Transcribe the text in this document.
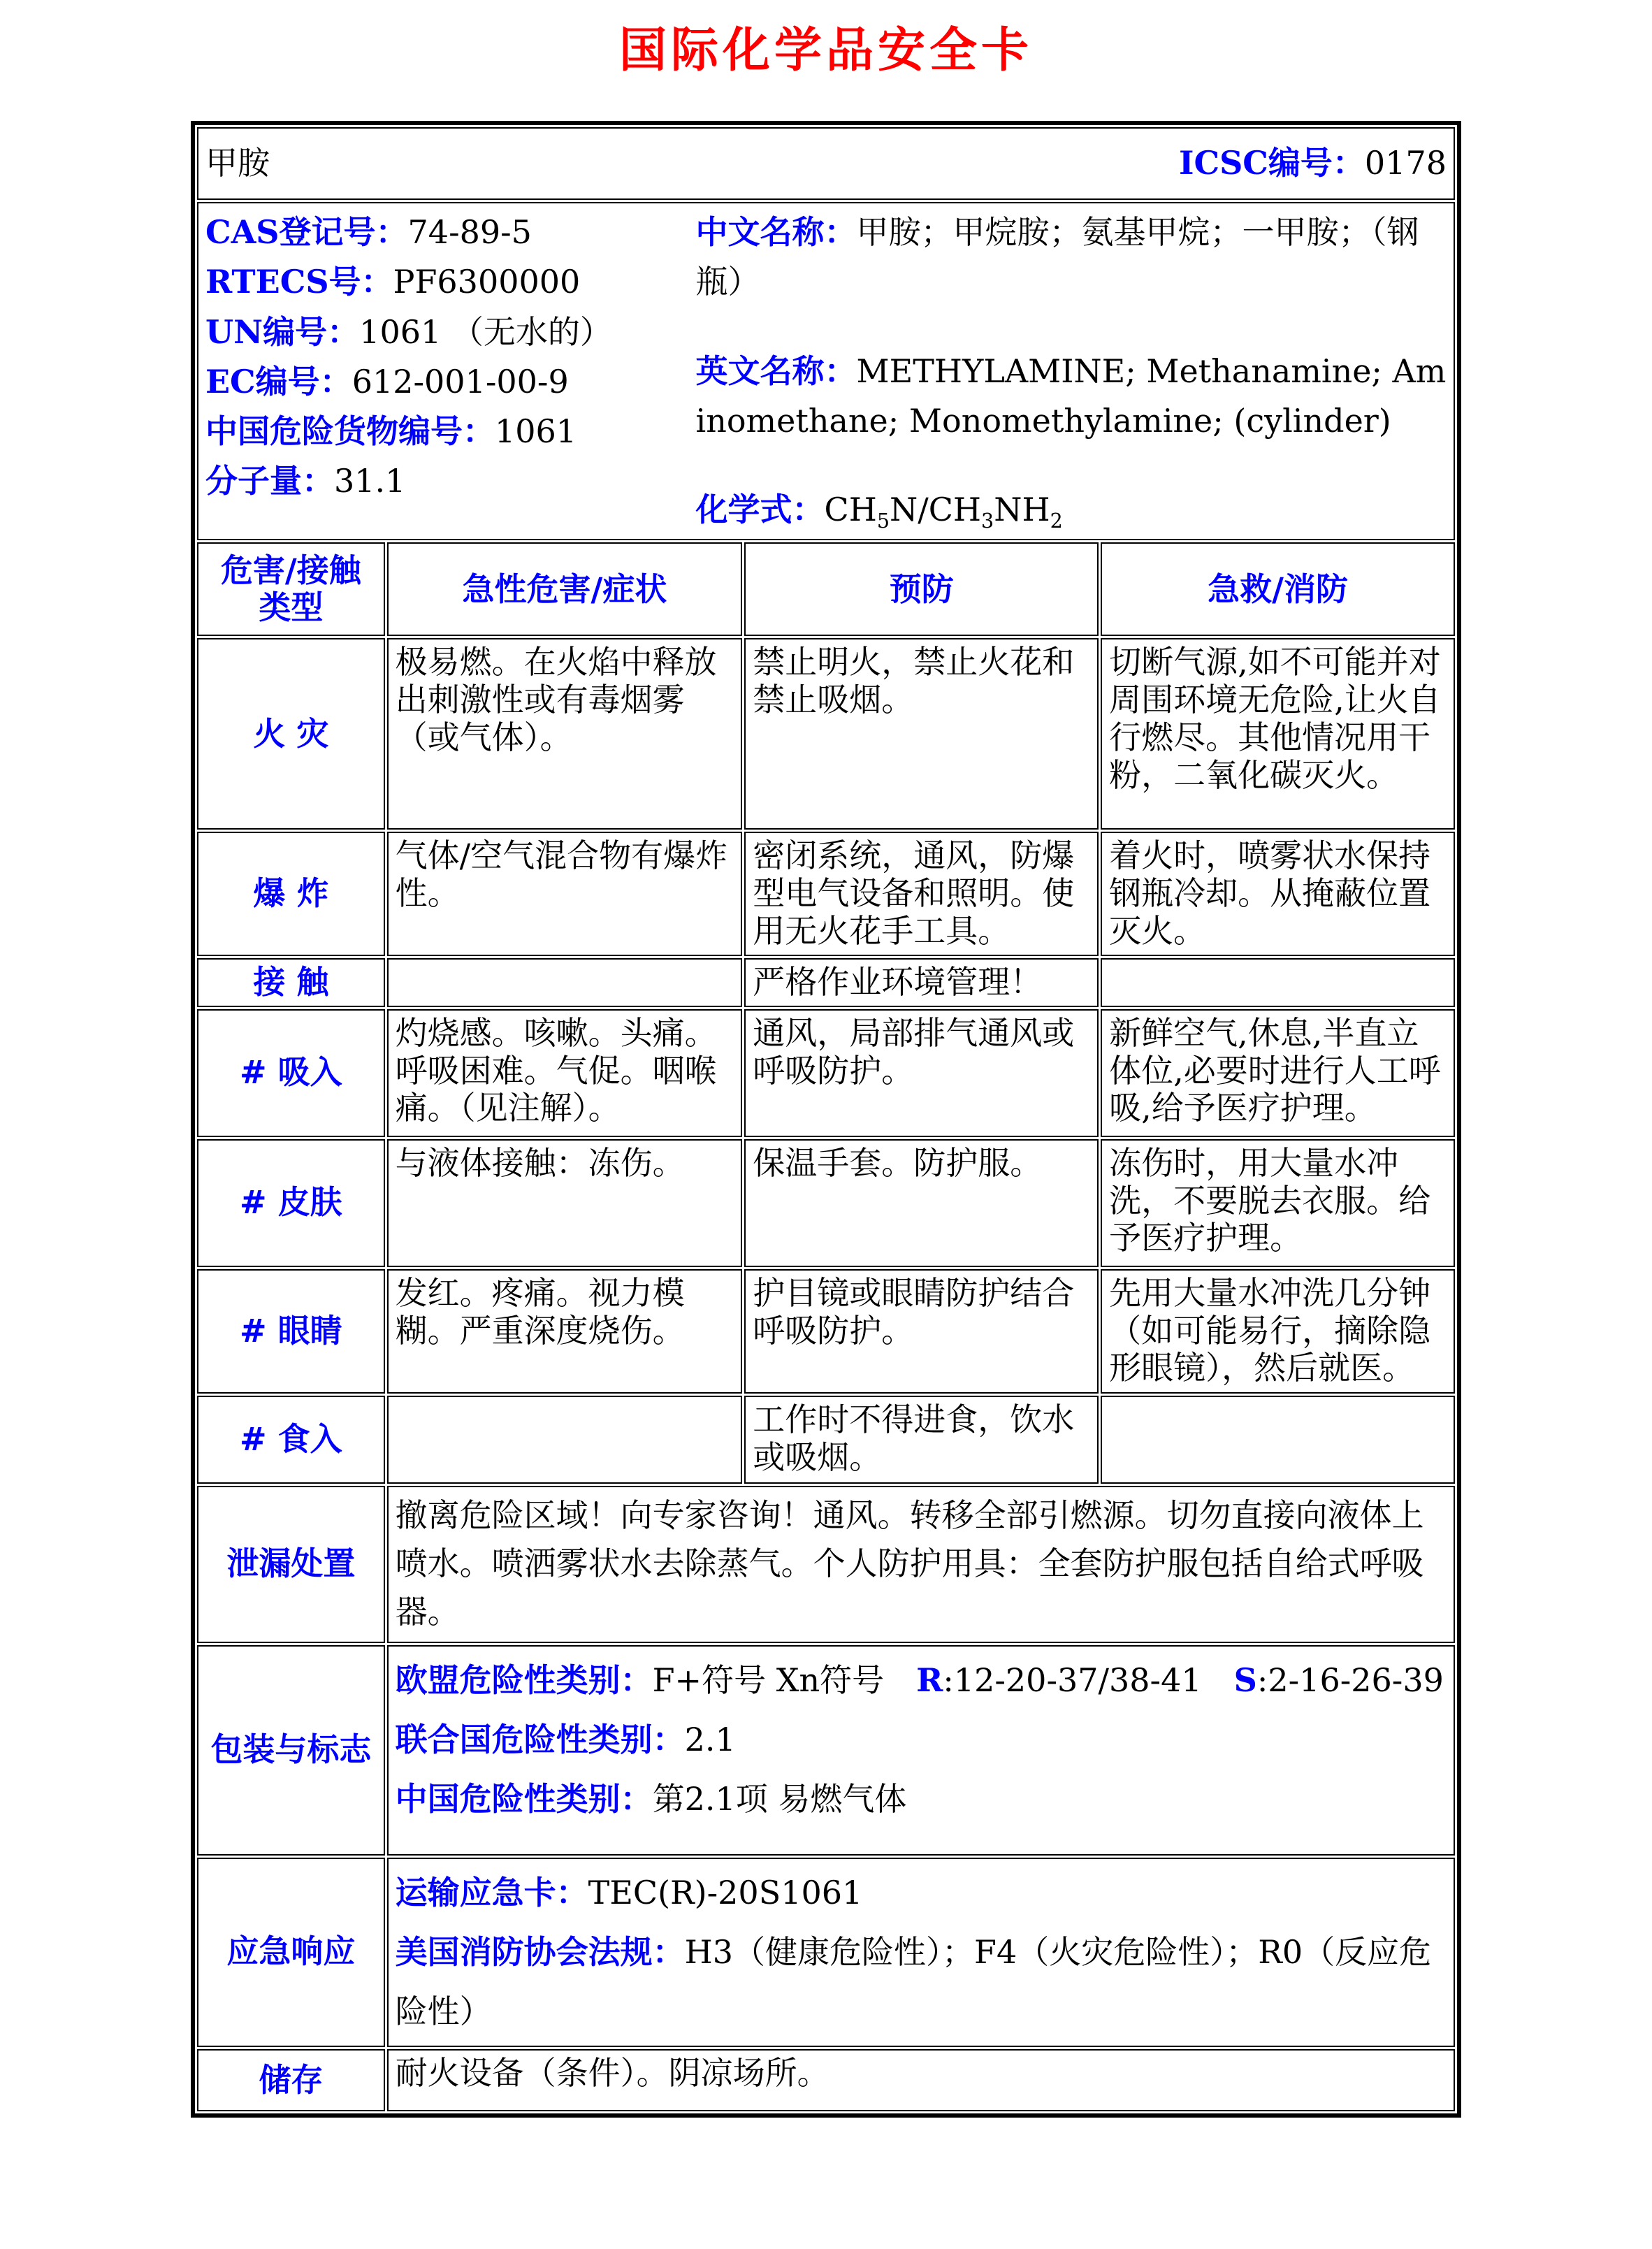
国际化学品安全卡
甲胺 ICSC编号：0178			

CAS登记号：74-89-5
RTECS号：PF6300000
UN编号：1061 （无水的）
EC编号：612-001-00-9
中国危险货物编号：1061
分子量：31.1

中文名称：甲胺；甲烷胺；氨基甲烷；一甲胺；（钢瓶）

英文名称：METHYLAMINE; Methanamine; Aminomethane; Monomethylamine; (cylinder)

化学式：$CH_5N/CH_3NH_2$

危害/接触类型	急性危害/症状	预防	急救/消防
火 灾	极易燃。在火焰中释放出刺激性或有毒烟雾（或气体）。	禁止明火，禁止火花和禁止吸烟。	切断气源,如不可能并对周围环境无危险,让火自行燃尽。其他情况用干粉，二氧化碳灭火。
爆 炸	气体/空气混合物有爆炸性。	密闭系统，通风，防爆型电气设备和照明。使用无火花手工具。	着火时，喷雾状水保持钢瓶冷却。从掩蔽位置灭火。
接 触		严格作业环境管理！	
# 吸入	灼烧感。咳嗽。头痛。呼吸困难。气促。咽喉痛。（见注解）。	通风，局部排气通风或呼吸防护。	新鲜空气,休息,半直立体位,必要时进行人工呼吸,给予医疗护理。
# 皮肤	与液体接触：冻伤。	保温手套。防护服。	冻伤时，用大量水冲洗，不要脱去衣服。给予医疗护理。
# 眼睛	发红。疼痛。视力模糊。严重深度烧伤。	护目镜或眼睛防护结合呼吸防护。	先用大量水冲洗几分钟（如可能易行，摘除隐形眼镜），然后就医。
# 食入		工作时不得进食，饮水或吸烟。	
泄漏处置	撤离危险区域！向专家咨询！通风。转移全部引燃源。切勿直接向液体上喷水。喷洒雾状水去除蒸气。个人防护用具：全套防护服包括自给式呼吸器。		
包装与标志	欧盟危险性类别：F+符号 Xn符号 R:12-20-37/38-41 S:2-16-26-39
联合国危险性类别：2.1
中国危险性类别：第2.1项 易燃气体		

应急响应	运输应急卡：TEC(R)-20S1061
美国消防协会法规：H3（健康危险性）；F4（火灾危险性）；R0（反应危险性）		

储存	耐火设备（条件）。阴凉场所。		
